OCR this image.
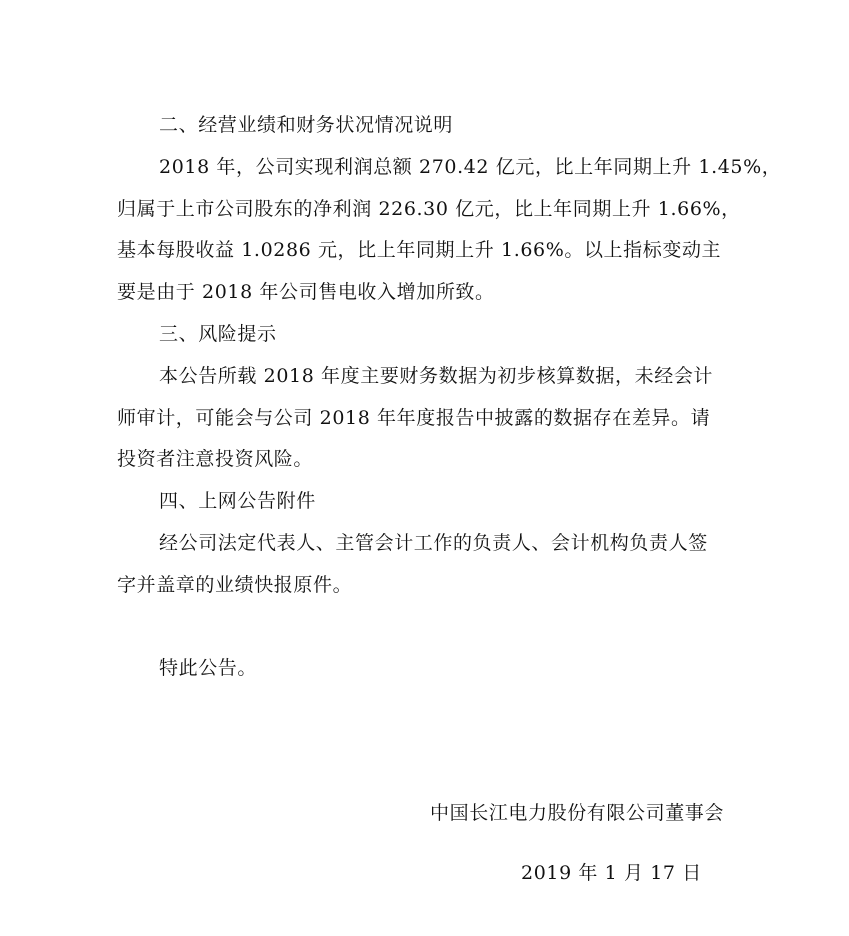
二、经营业绩和财务状况情况说明
2018 年，公司实现利润总额 270.42 亿元，比上年同期上升 1.45%，
归属于上市公司股东的净利润 226.30 亿元，比上年同期上升 1.66%，
基本每股收益 1.0286 元，比上年同期上升 1.66%。以上指标变动主
要是由于 2018 年公司售电收入增加所致。
三、风险提示
本公告所载 2018 年度主要财务数据为初步核算数据，未经会计
师审计，可能会与公司 2018 年年度报告中披露的数据存在差异。请
投资者注意投资风险。
四、上网公告附件
经公司法定代表人、主管会计工作的负责人、会计机构负责人签
字并盖章的业绩快报原件。
特此公告。
中国长江电力股份有限公司董事会
2019 年 1 月 17 日
